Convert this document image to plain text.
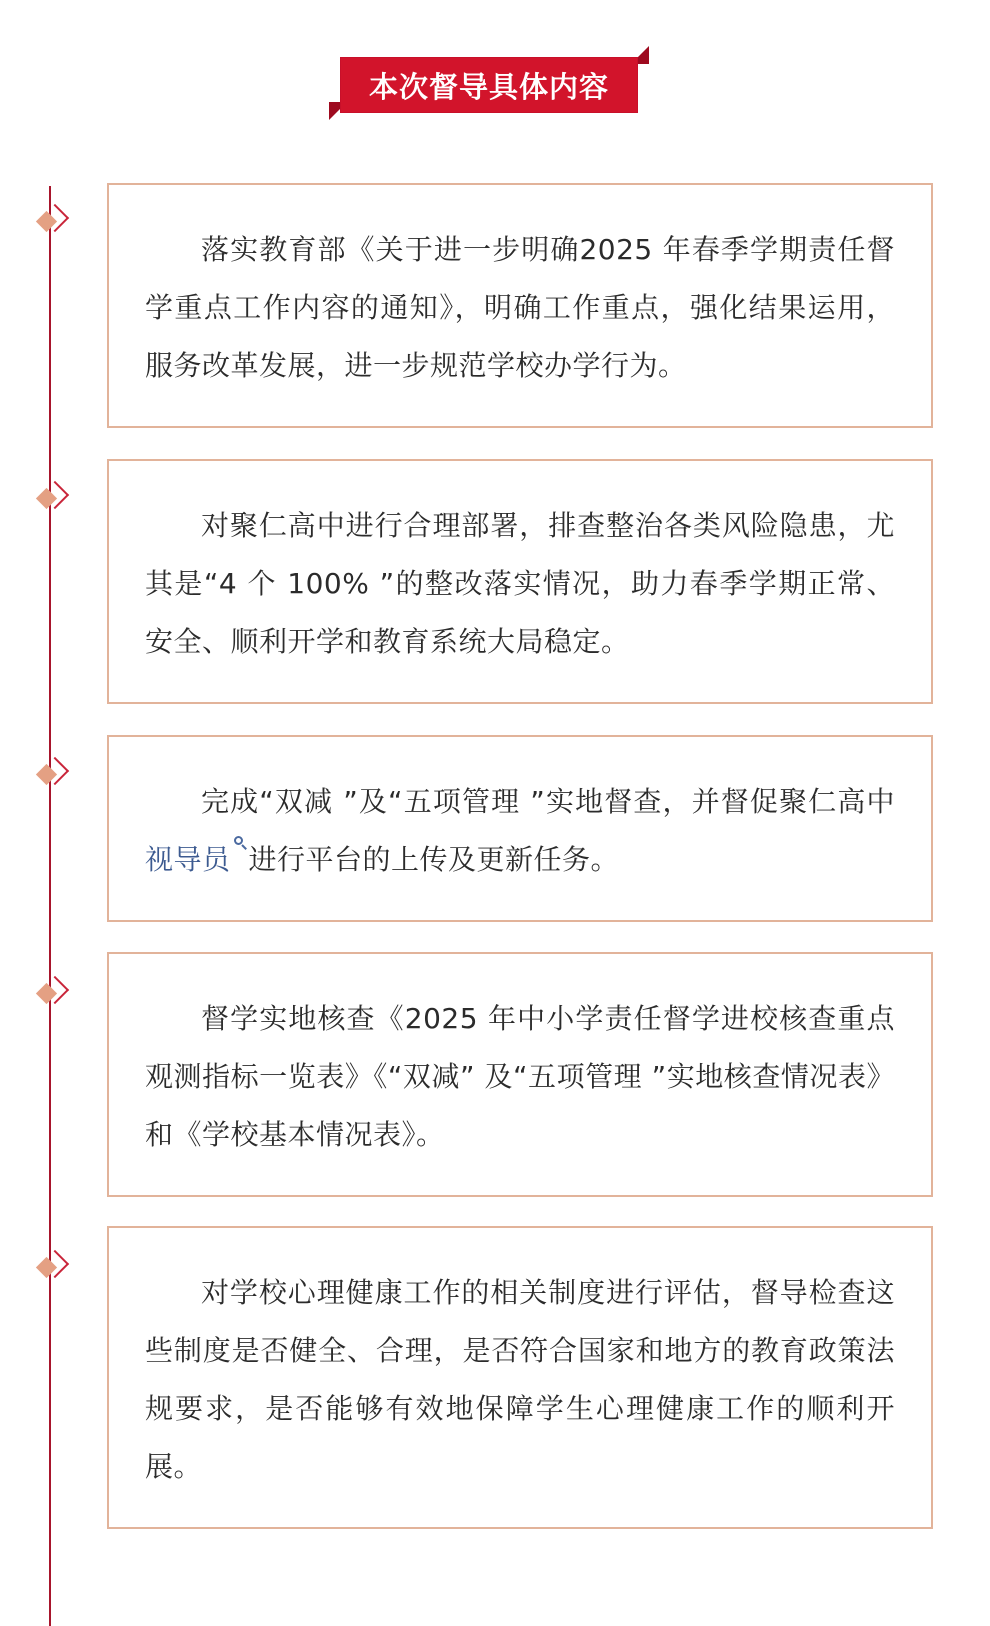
本次督导具体内容

落实教育部《关于进一步明确2025 年春季学期责任督学重点工作内容的通知》，明确工作重点，强化结果运用，服务改革发展，进一步规范学校办学行为。

对聚仁高中进行合理部署，排查整治各类风险隐患，尤其是“4 个 100% ”的整改落实情况，助力春季学期正常、安全、顺利开学和教育系统大局稳定。

完成“双减 ”及“五项管理 ”实地督查，并督促聚仁高中视导员 进行平台的上传及更新任务。

督学实地核查《2025 年中小学责任督学进校核查重点观测指标一览表》《“双减” 及“五项管理 ”实地核查情况表》和《学校基本情况表》。

对学校心理健康工作的相关制度进行评估，督导检查这些制度是否健全、合理，是否符合国家和地方的教育政策法规要求，是否能够有效地保障学生心理健康工作的顺利开展。
